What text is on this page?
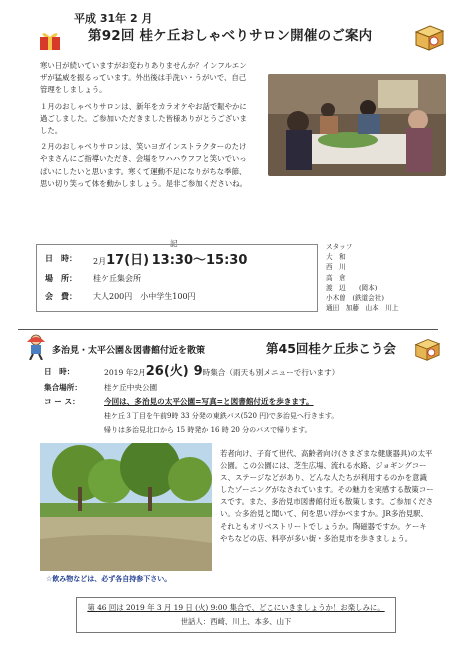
平成 31年 2 月
第92回 桂ケ丘おしゃべりサロン開催のご案内

寒い日が続いていますがお変わりありませんか？インフルエンザが猛威を振るっています。外出後は手洗い・うがいで、自己管理をしましょう。

１月のおしゃべりサロンは、新年をカラオケやお話で賑やかに過ごしました。ご参加いただきました皆様ありがとうございました。

２月のおしゃべりサロンは、笑いヨガインストラクターのたけやまさんにご指導いただき、会場をワハハウフフと笑いでいっぱいにしたいと思います。寒くて運動不足になりがちな季節、思い切り笑って体を動かしましょう。是非ご参加くださいね。

記
日　時： 2月17(日) 13:30〜15:30
場　所： 桂ケ丘集会所
会　費： 大人200円　小中学生100円
スタッフ
大　和
西　川
高　倉
渡　辺　　(岡本)
小木曽　(鉄道会社)
通田　加藤　山本　川上
多治見・太平公園＆図書館付近を散策	第45回桂ケ丘歩こう会
日　時：	2019 年2月26(火) 9時集合（雨天も別メニューで行います）
集合場所：	桂ケ丘中央公園
コ ー ス：	今回は、多治見の太平公園=写真=と図書館付近を歩きます。
桂ケ丘３丁目を午前9時 33 分発の東鉄バス(520 円)で多治見へ行きます。
帰りは多治見北口から 15 時発か 16 時 20 分のバスで帰ります。
☆飲み物などは、必ず各自持参下さい。
若者向け、子育て世代、高齢者向け(さまざまな健康器具)の太平公園。この公園には、芝生広場、流れる水路、ジョギングコース、ステージなどがあり、どんな人たちが利用するのかを意識したゾーニングがなされています。その魅力を実感する散策コースです。また、多治見市図書館付近も散策します。ご参加ください。☆多治見と聞いて、何を思い浮かべますか。JR多治見駅、それともオリベストリートでしょうか。陶磁器ですか。ケーキやちなどの店、料亭が多い街・多治見市を歩きましょう。
第 46 回は 2019 年 3 月 19 日 (火) 9:00 集合で、どこにいきましょうか！お楽しみに。
世話人：西崎、川上、本多、山下
